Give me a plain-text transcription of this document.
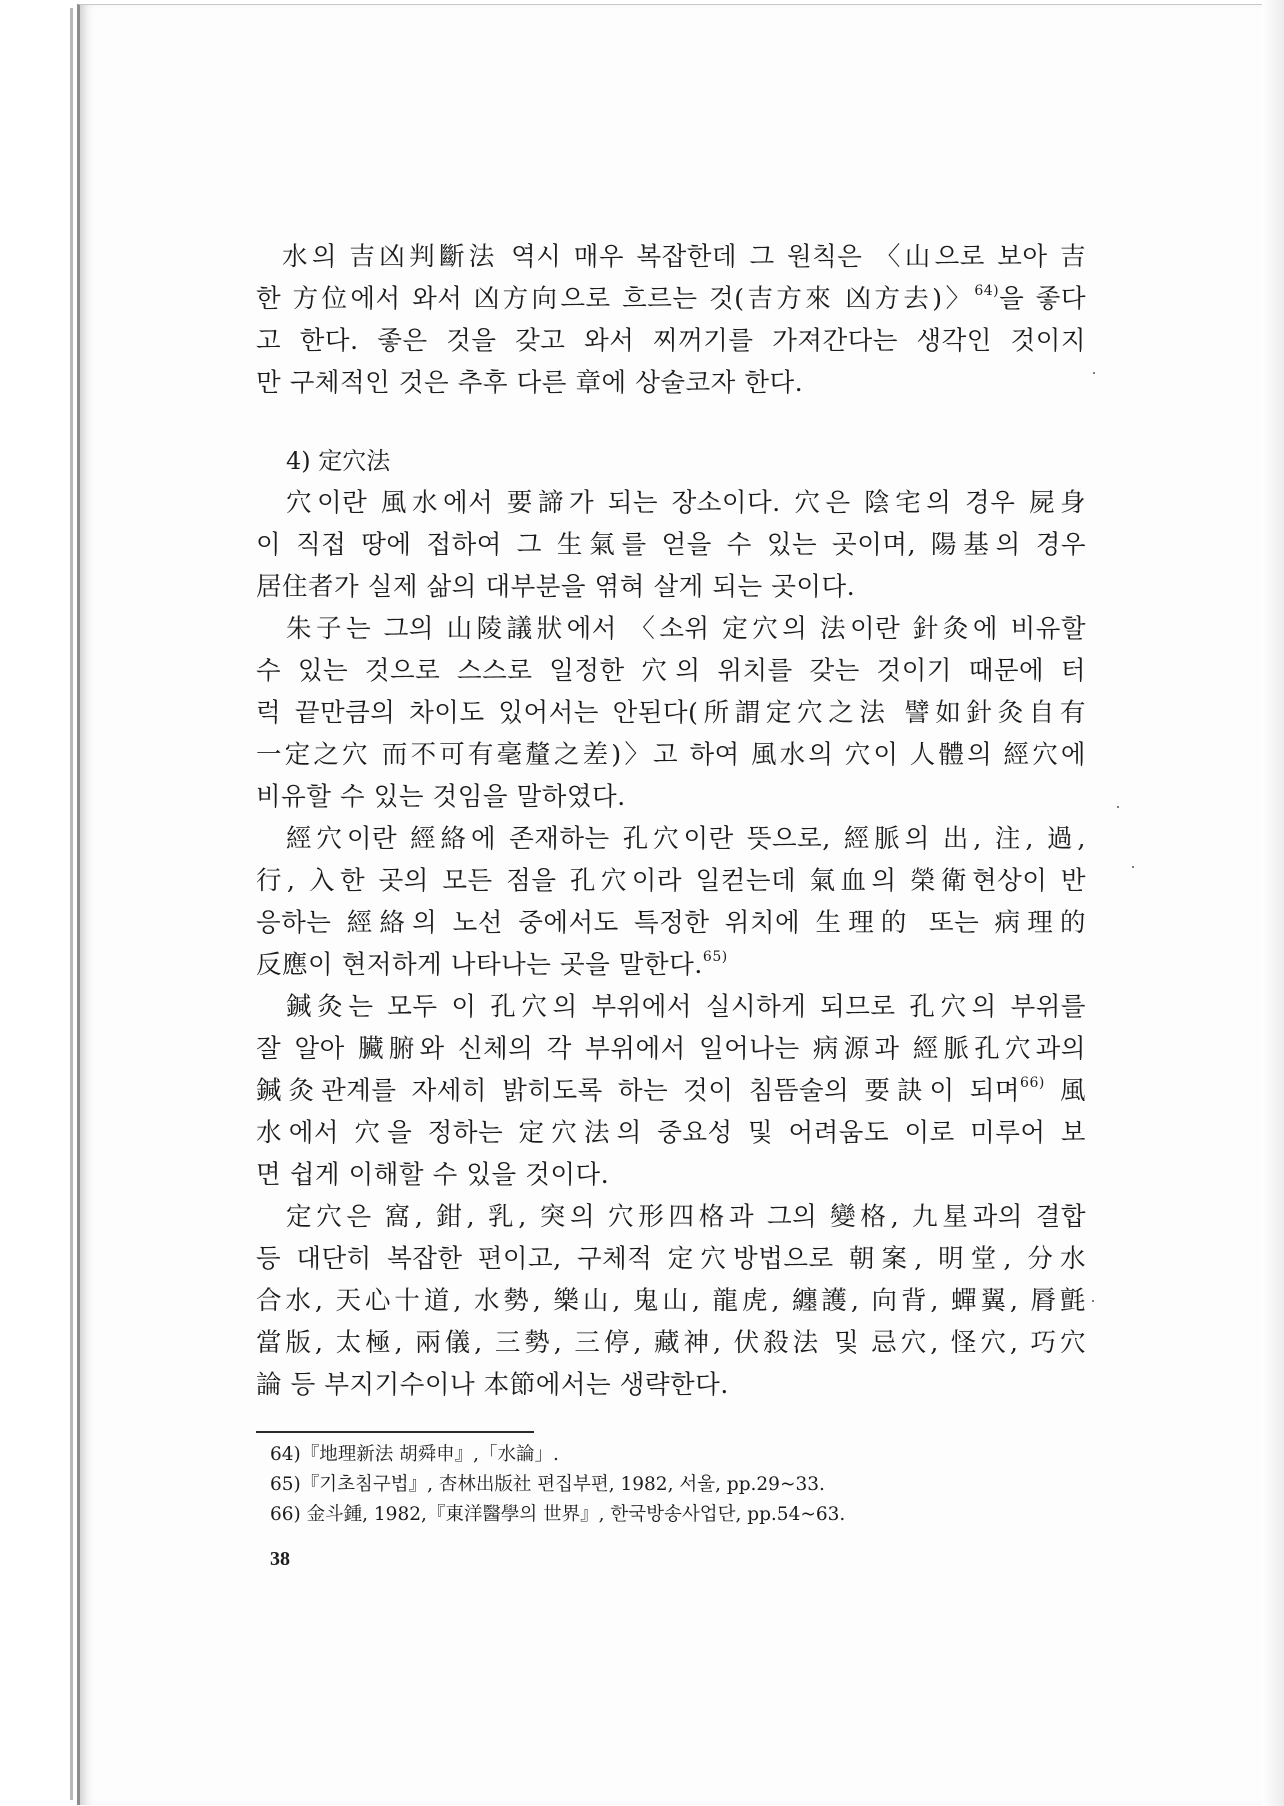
水의 吉凶判斷法 역시 매우 복잡한데 그 원칙은 〈山으로 보아 吉
한 方位에서 와서 凶方向으로 흐르는 것(吉方來 凶方去)〉$^{64)}$을 좋다
고 한다. 좋은 것을 갖고 와서 찌꺼기를 가져간다는 생각인 것이지
만 구체적인 것은 추후 다른 章에 상술코자 한다.
4) 定穴法
穴이란 風水에서 要諦가 되는 장소이다. 穴은 陰宅의 경우 屍身
이 직접 땅에 접하여 그 生氣를 얻을 수 있는 곳이며, 陽基의 경우
居住者가 실제 삶의 대부분을 엮혀 살게 되는 곳이다.
朱子는 그의 山陵議狀에서 〈소위 定穴의 法이란 針灸에 비유할
수 있는 것으로 스스로 일정한 穴의 위치를 갖는 것이기 때문에 터
럭 끝만큼의 차이도 있어서는 안된다(所謂定穴之法 譬如針灸自有
一定之穴 而不可有毫釐之差)〉고 하여 風水의 穴이 人體의 經穴에
비유할 수 있는 것임을 말하였다.
經穴이란 經絡에 존재하는 孔穴이란 뜻으로, 經脈의 出, 注, 過,
行, 入한 곳의 모든 점을 孔穴이라 일컫는데 氣血의 榮衛현상이 반
응하는 經絡의 노선 중에서도 특정한 위치에 生理的 또는 病理的
反應이 현저하게 나타나는 곳을 말한다.$^{65)}$
鍼灸는 모두 이 孔穴의 부위에서 실시하게 되므로 孔穴의 부위를
잘 알아 臟腑와 신체의 각 부위에서 일어나는 病源과 經脈孔穴과의
鍼灸관계를 자세히 밝히도록 하는 것이 침뜸술의 要訣이 되며$^{66)}$ 風
水에서 穴을 정하는 定穴法의 중요성 및 어려움도 이로 미루어 보
면 쉽게 이해할 수 있을 것이다.
定穴은 窩, 鉗, 乳, 突의 穴形四格과 그의 變格, 九星과의 결합
등 대단히 복잡한 편이고, 구체적 定穴방법으로 朝案, 明堂, 分水
合水, 天心十道, 水勢, 樂山, 鬼山, 龍虎, 纏護, 向背, 蟬翼, 脣氈
當版, 太極, 兩儀, 三勢, 三停, 藏神, 伏殺法 및 忌穴, 怪穴, 巧穴
論 등 부지기수이나 本節에서는 생략한다.
64)『地理新法 胡舜申』,「水論」.
65)『기초침구법』, 杏林出版社 편집부편, 1982, 서울, pp.29~33.
66) 金斗鍾, 1982,『東洋醫學의 世界』, 한국방송사업단, pp.54~63.
38
